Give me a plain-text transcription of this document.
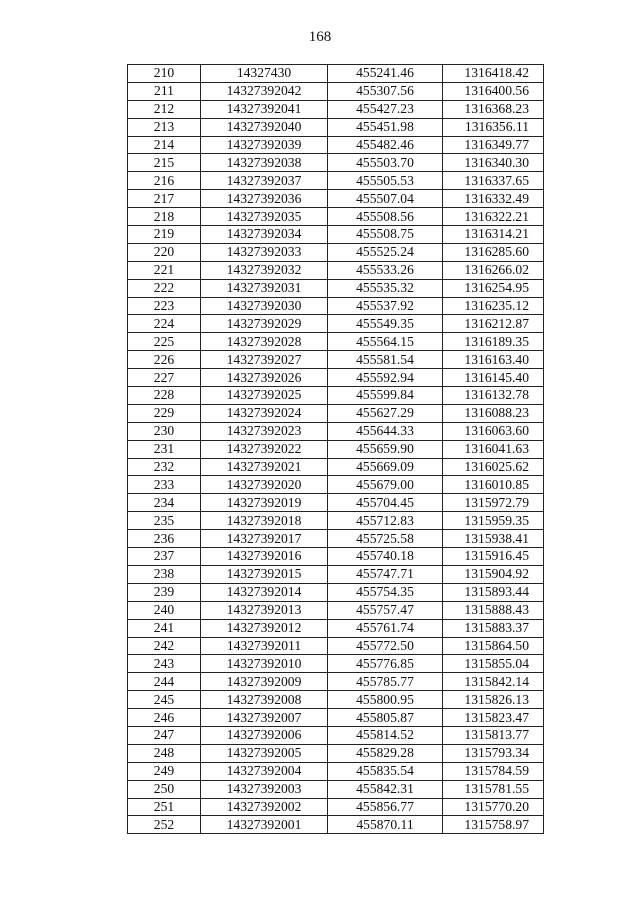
168
210	14327430	455241.46	1316418.42
211	14327392042	455307.56	1316400.56
212	14327392041	455427.23	1316368.23
213	14327392040	455451.98	1316356.11
214	14327392039	455482.46	1316349.77
215	14327392038	455503.70	1316340.30
216	14327392037	455505.53	1316337.65
217	14327392036	455507.04	1316332.49
218	14327392035	455508.56	1316322.21
219	14327392034	455508.75	1316314.21
220	14327392033	455525.24	1316285.60
221	14327392032	455533.26	1316266.02
222	14327392031	455535.32	1316254.95
223	14327392030	455537.92	1316235.12
224	14327392029	455549.35	1316212.87
225	14327392028	455564.15	1316189.35
226	14327392027	455581.54	1316163.40
227	14327392026	455592.94	1316145.40
228	14327392025	455599.84	1316132.78
229	14327392024	455627.29	1316088.23
230	14327392023	455644.33	1316063.60
231	14327392022	455659.90	1316041.63
232	14327392021	455669.09	1316025.62
233	14327392020	455679.00	1316010.85
234	14327392019	455704.45	1315972.79
235	14327392018	455712.83	1315959.35
236	14327392017	455725.58	1315938.41
237	14327392016	455740.18	1315916.45
238	14327392015	455747.71	1315904.92
239	14327392014	455754.35	1315893.44
240	14327392013	455757.47	1315888.43
241	14327392012	455761.74	1315883.37
242	14327392011	455772.50	1315864.50
243	14327392010	455776.85	1315855.04
244	14327392009	455785.77	1315842.14
245	14327392008	455800.95	1315826.13
246	14327392007	455805.87	1315823.47
247	14327392006	455814.52	1315813.77
248	14327392005	455829.28	1315793.34
249	14327392004	455835.54	1315784.59
250	14327392003	455842.31	1315781.55
251	14327392002	455856.77	1315770.20
252	14327392001	455870.11	1315758.97
